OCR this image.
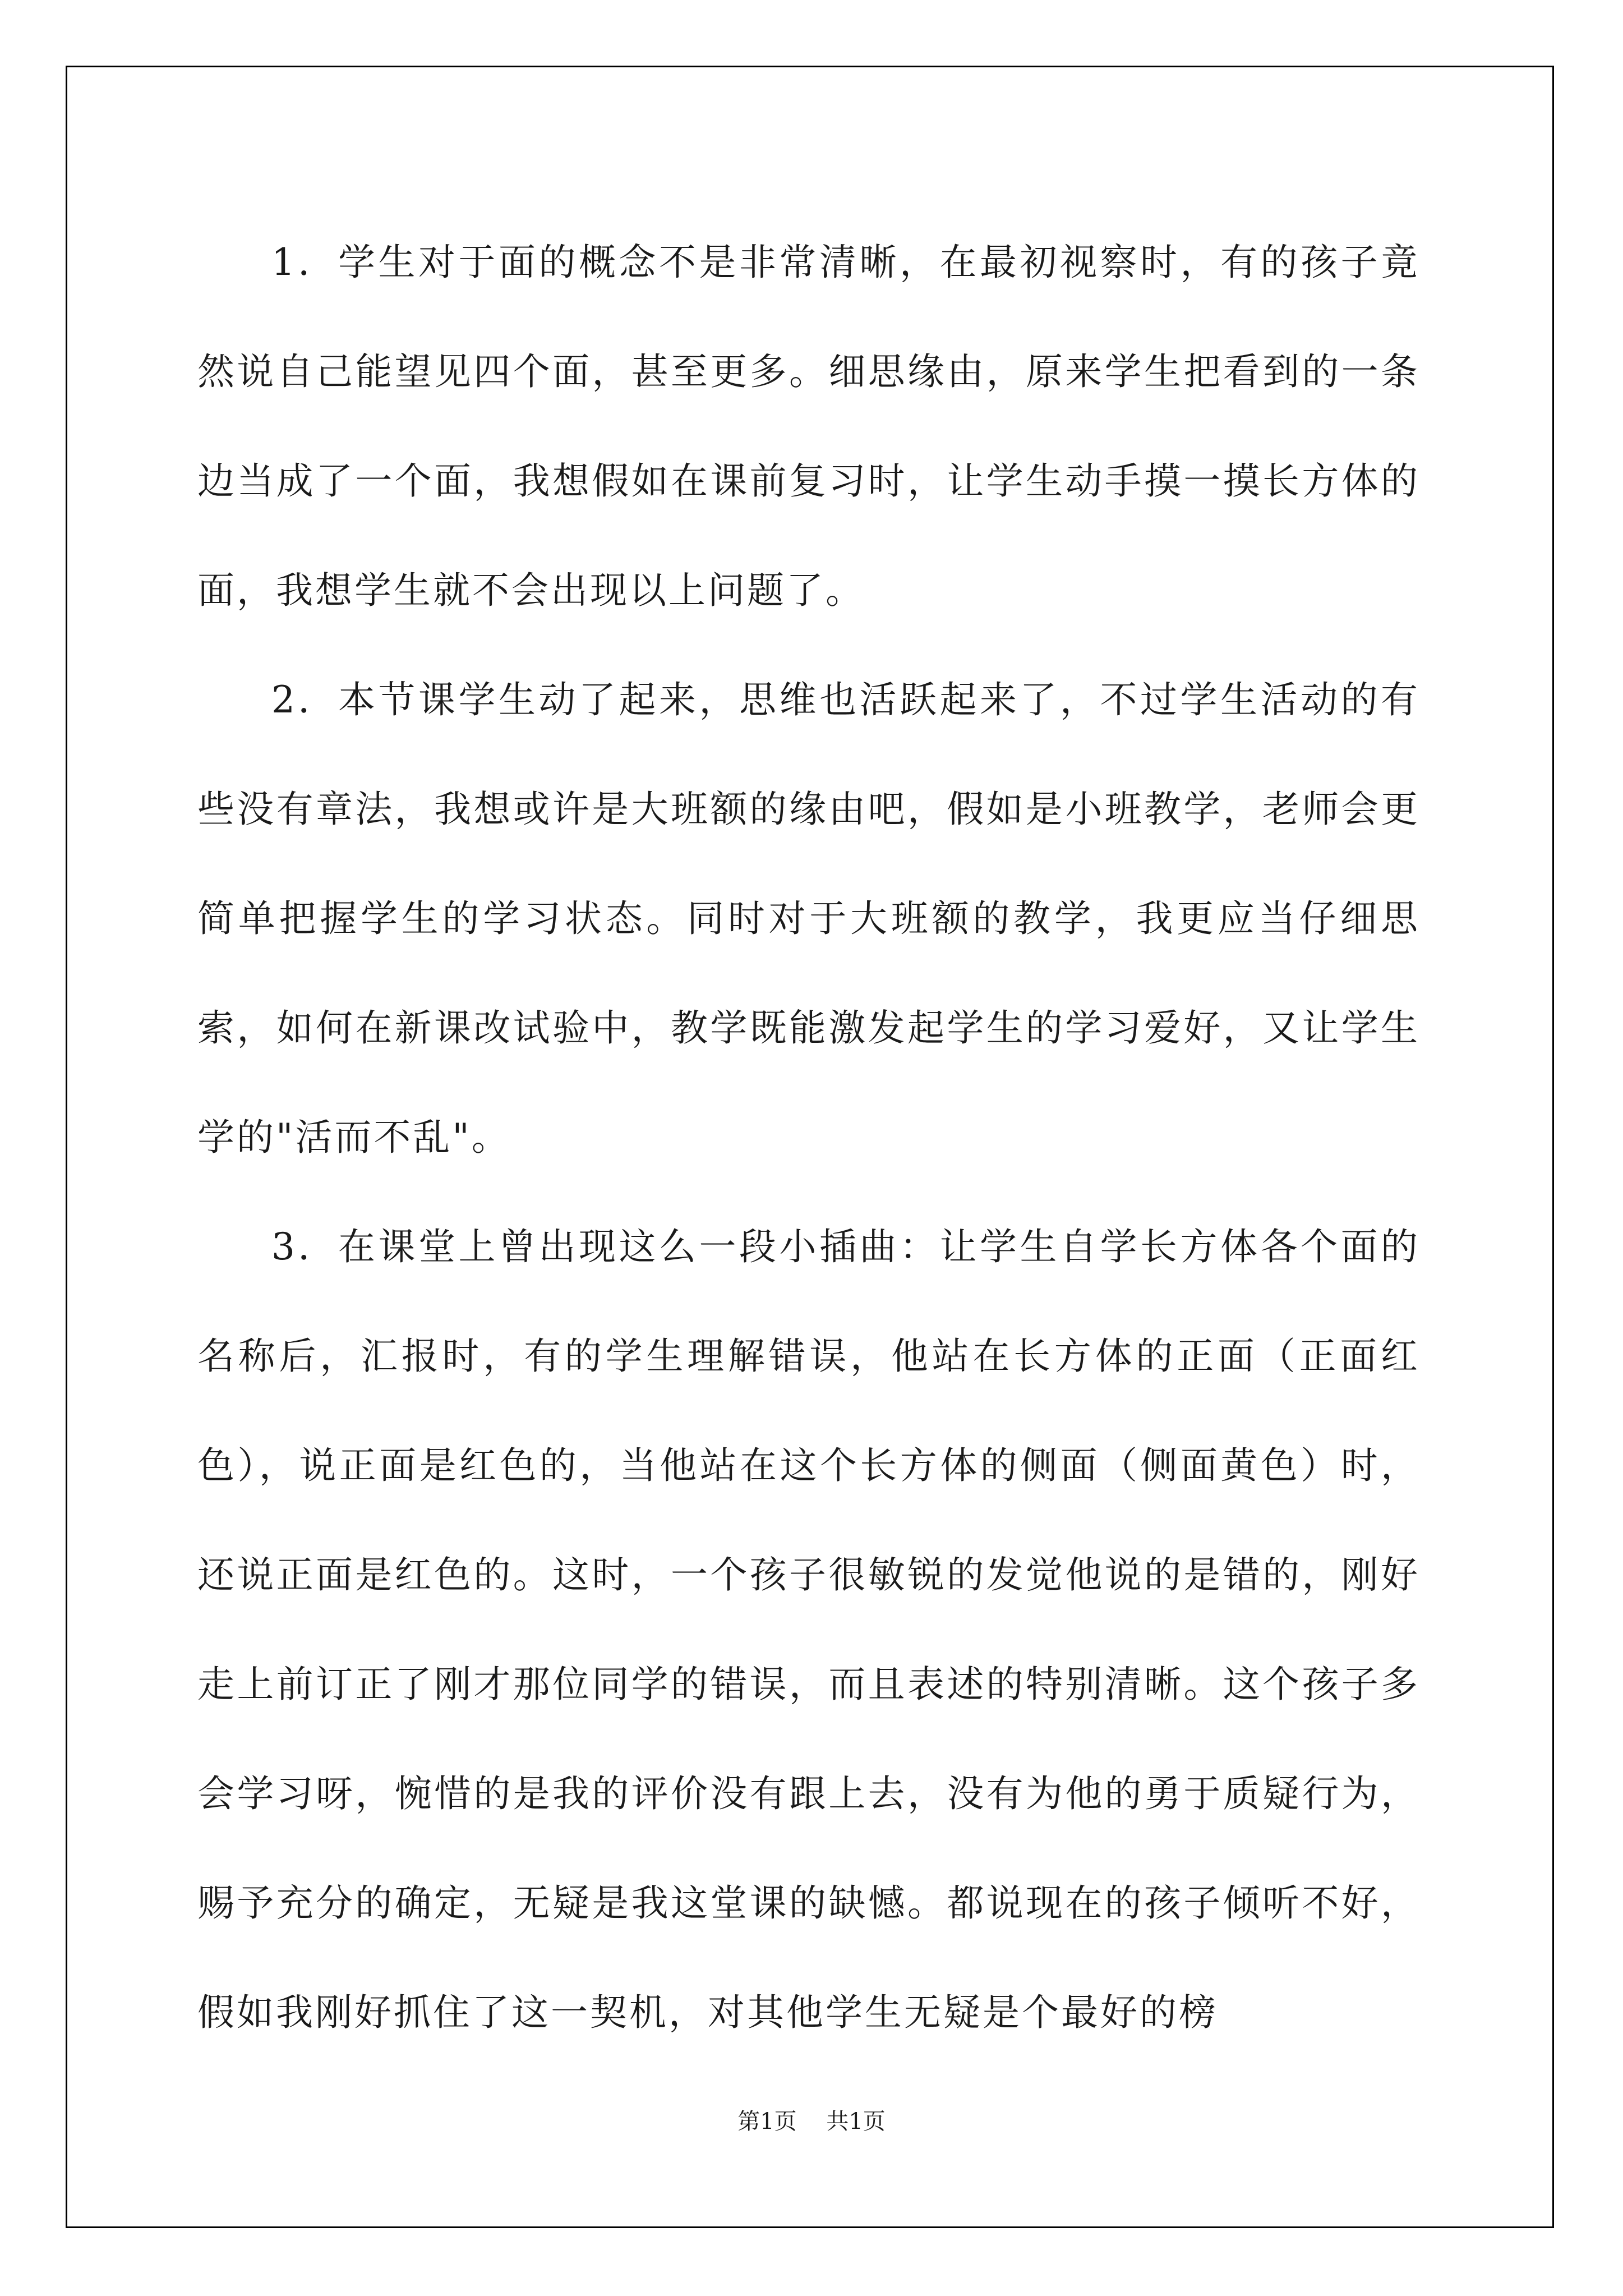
1．学生对于面的概念不是非常清晰，在最初视察时，有的孩子竟然说自己能望见四个面，甚至更多。细思缘由，原来学生把看到的一条边当成了一个面，我想假如在课前复习时，让学生动手摸一摸长方体的面，我想学生就不会出现以上问题了。

2．本节课学生动了起来，思维也活跃起来了，不过学生活动的有些没有章法，我想或许是大班额的缘由吧，假如是小班教学，老师会更简单把握学生的学习状态。同时对于大班额的教学，我更应当仔细思索，如何在新课改试验中，教学既能激发起学生的学习爱好，又让学生学的"活而不乱"。

3．在课堂上曾出现这么一段小插曲：让学生自学长方体各个面的名称后，汇报时，有的学生理解错误，他站在长方体的正面（正面红色），说正面是红色的，当他站在这个长方体的侧面（侧面黄色）时，还说正面是红色的。这时，一个孩子很敏锐的发觉他说的是错的，刚好走上前订正了刚才那位同学的错误，而且表述的特别清晰。这个孩子多会学习呀，惋惜的是我的评价没有跟上去，没有为他的勇于质疑行为，赐予充分的确定，无疑是我这堂课的缺憾。都说现在的孩子倾听不好，假如我刚好抓住了这一契机，对其他学生无疑是个最好的榜

第1页 共1页
